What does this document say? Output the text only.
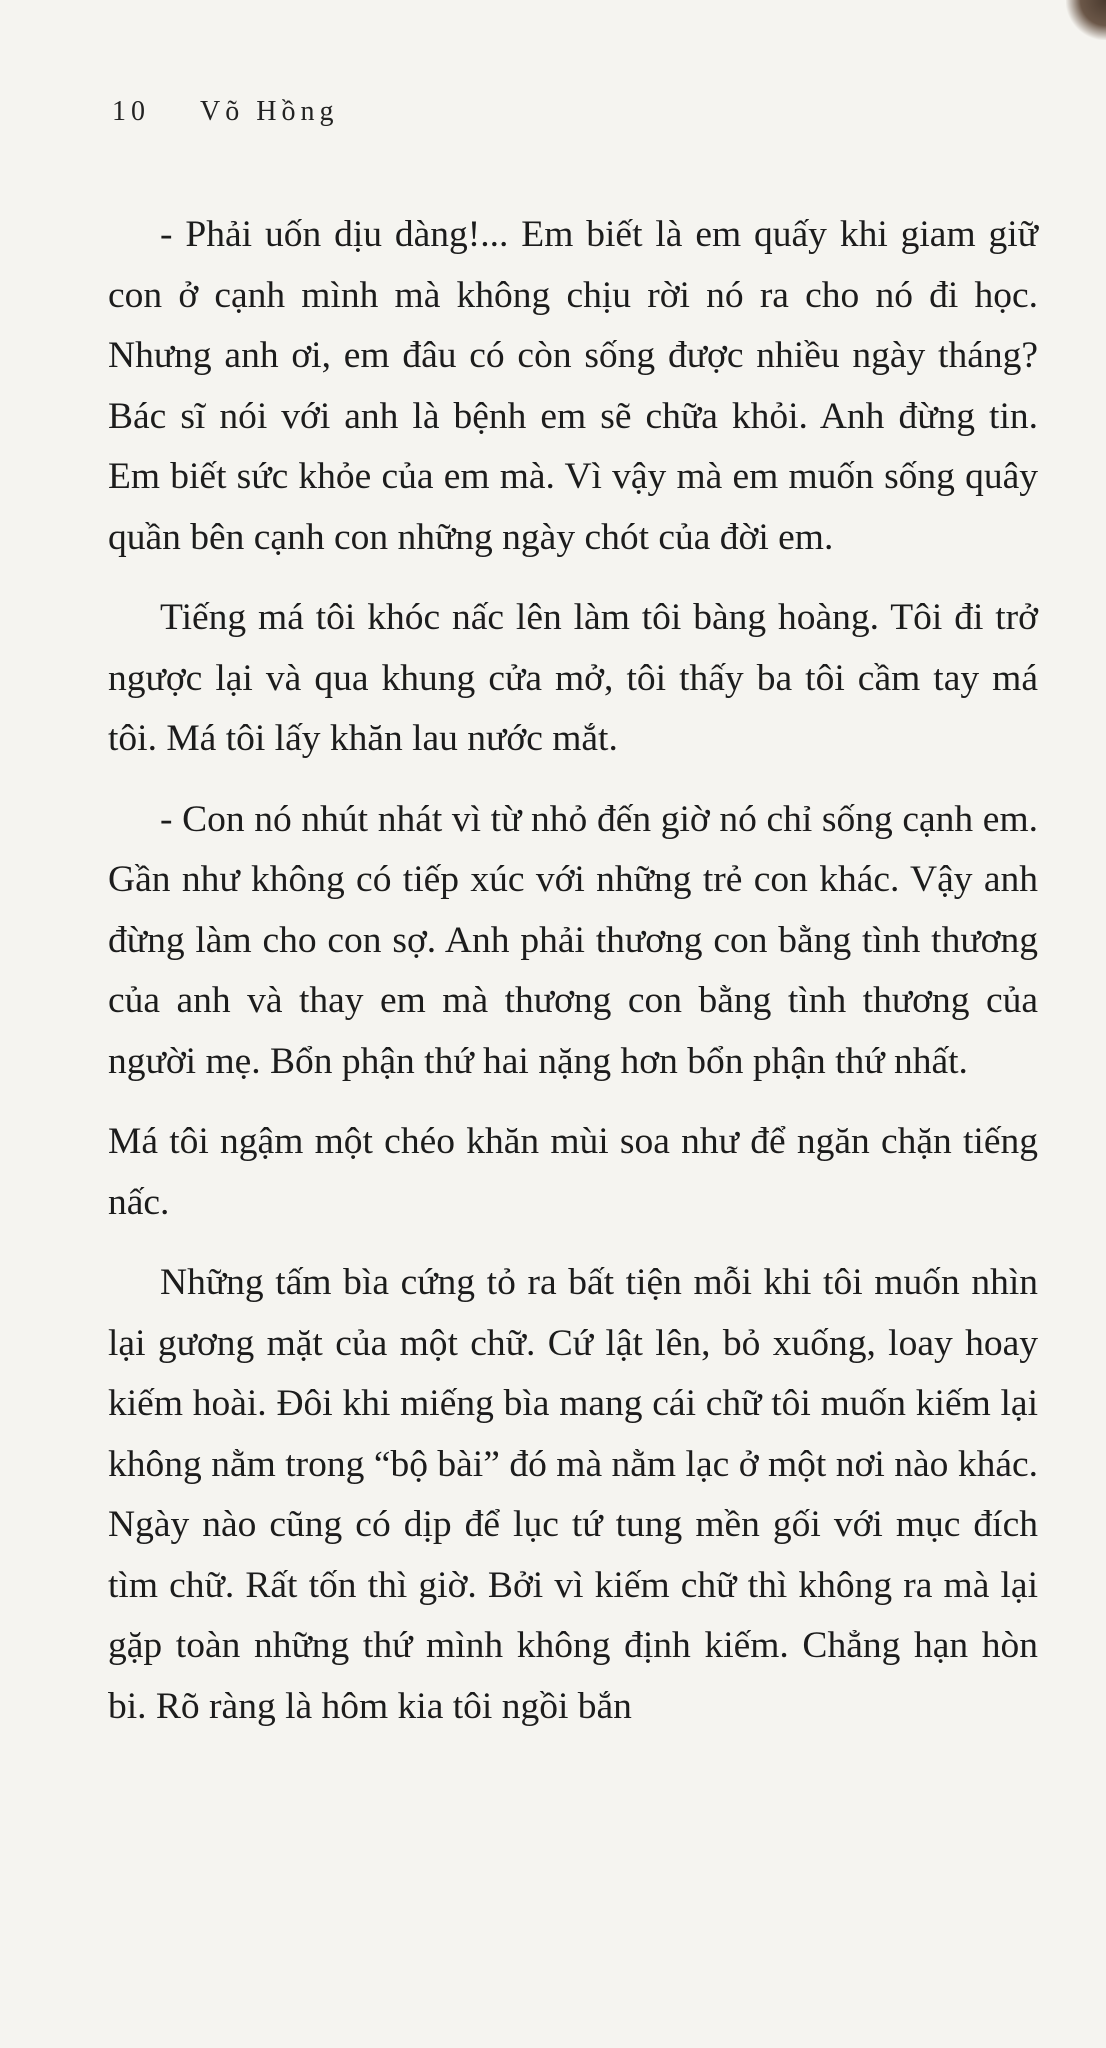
10 Võ Hồng

- Phải uốn dịu dàng!... Em biết là em quấy khi giam giữ con ở cạnh mình mà không chịu rời nó ra cho nó đi học. Nhưng anh ơi, em đâu có còn sống được nhiều ngày tháng? Bác sĩ nói với anh là bệnh em sẽ chữa khỏi. Anh đừng tin. Em biết sức khỏe của em mà. Vì vậy mà em muốn sống quây quần bên cạnh con những ngày chót của đời em.

Tiếng má tôi khóc nấc lên làm tôi bàng hoàng. Tôi đi trở ngược lại và qua khung cửa mở, tôi thấy ba tôi cầm tay má tôi. Má tôi lấy khăn lau nước mắt.

- Con nó nhút nhát vì từ nhỏ đến giờ nó chỉ sống cạnh em. Gần như không có tiếp xúc với những trẻ con khác. Vậy anh đừng làm cho con sợ. Anh phải thương con bằng tình thương của anh và thay em mà thương con bằng tình thương của người mẹ. Bổn phận thứ hai nặng hơn bổn phận thứ nhất.

Má tôi ngậm một chéo khăn mùi soa như để ngăn chặn tiếng nấc.

Những tấm bìa cứng tỏ ra bất tiện mỗi khi tôi muốn nhìn lại gương mặt của một chữ. Cứ lật lên, bỏ xuống, loay hoay kiếm hoài. Đôi khi miếng bìa mang cái chữ tôi muốn kiếm lại không nằm trong “bộ bài” đó mà nằm lạc ở một nơi nào khác. Ngày nào cũng có dịp để lục tứ tung mền gối với mục đích tìm chữ. Rất tốn thì giờ. Bởi vì kiếm chữ thì không ra mà lại gặp toàn những thứ mình không định kiếm. Chẳng hạn hòn bi. Rõ ràng là hôm kia tôi ngồi bắn
